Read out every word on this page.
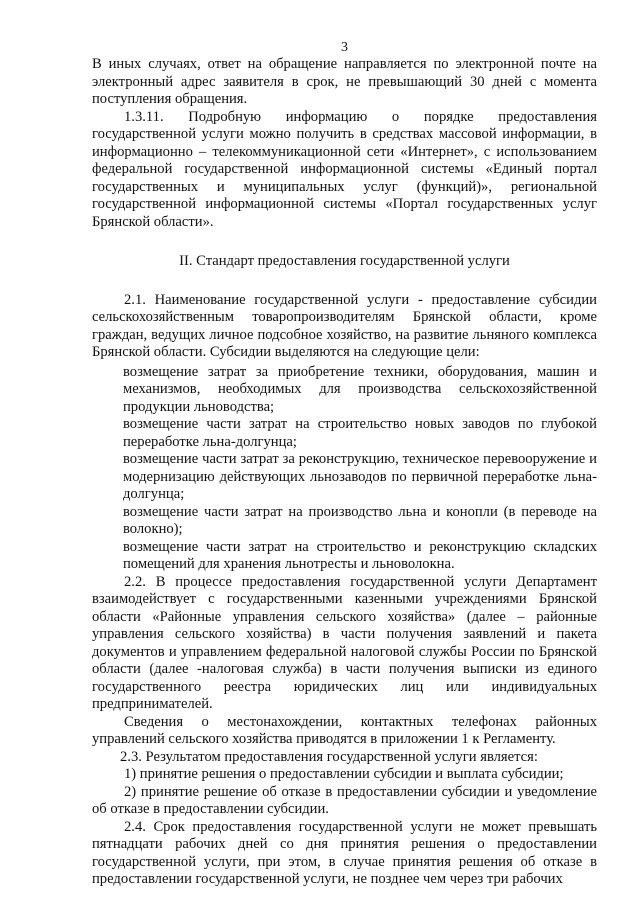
3

В иных случаях, ответ на обращение направляется по электронной почте на электронный адрес заявителя в срок, не превышающий 30 дней с момента поступления обращения.

1.3.11. Подробную информацию о порядке предоставления государственной услуги можно получить в средствах массовой информации, в информационно – телекоммуникационной сети «Интернет», с использованием федеральной государственной информационной системы «Единый портал государственных и муниципальных услуг (функций)», региональной государственной информационной системы «Портал государственных услуг Брянской области».

II. Стандарт предоставления государственной услуги

2.1. Наименование государственной услуги - предоставление субсидии сельскохозяйственным товаропроизводителям Брянской области, кроме граждан, ведущих личное подсобное хозяйство, на развитие льняного комплекса Брянской области. Субсидии выделяются на следующие цели:

возмещение затрат за приобретение техники, оборудования, машин и механизмов, необходимых для производства сельскохозяйственной продукции льноводства;

возмещение части затрат на строительство новых заводов по глубокой переработке льна-долгунца;

возмещение части затрат за реконструкцию, техническое перевооружение и модернизацию действующих льнозаводов по первичной переработке льна- долгунца;

возмещение части затрат на производство льна и конопли (в переводе на волокно);

возмещение части затрат на строительство и реконструкцию складских помещений для хранения льнотресты и льноволокна.

2.2. В процессе предоставления государственной услуги Департамент взаимодействует с государственными казенными учреждениями Брянской области «Районные управления сельского хозяйства» (далее – районные управления сельского хозяйства) в части получения заявлений и пакета документов и управлением федеральной налоговой службы России по Брянской области (далее -налоговая служба) в части получения выписки из единого государственного реестра юридических лиц или индивидуальных предпринимателей.

Сведения о местонахождении, контактных телефонах районных управлений сельского хозяйства приводятся в приложении 1 к Регламенту.

2.3. Результатом предоставления государственной услуги является:

1) принятие решения о предоставлении субсидии и выплата субсидии;

2) принятие решение об отказе в предоставлении субсидии и уведомление об отказе в предоставлении субсидии.

2.4. Срок предоставления государственной услуги не может превышать пятнадцати рабочих дней со дня принятия решения о предоставлении государственной услуги, при этом, в случае принятия решения об отказе в предоставлении государственной услуги, не позднее чем через три рабочих
